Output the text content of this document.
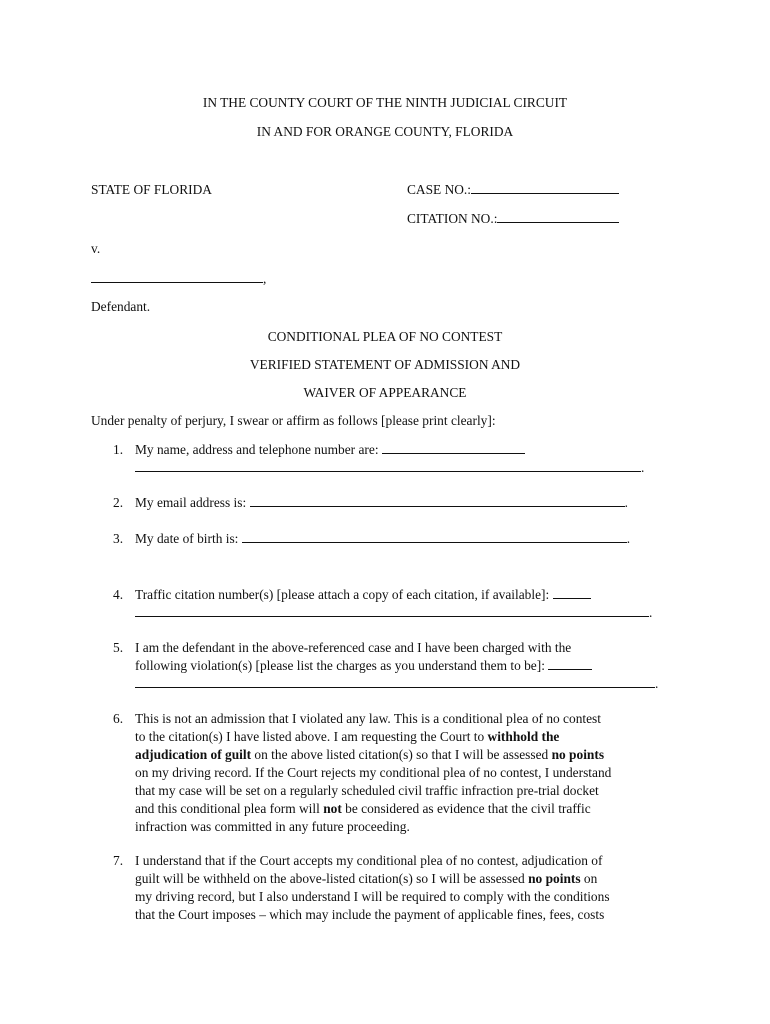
IN THE COUNTY COURT OF THE NINTH JUDICIAL CIRCUIT
IN AND FOR ORANGE COUNTY, FLORIDA
STATE OF FLORIDA	CASE NO.:
CITATION NO.:
v.
,
Defendant.
CONDITIONAL PLEA OF NO CONTEST
VERIFIED STATEMENT OF ADMISSION AND
WAIVER OF APPEARANCE
Under penalty of perjury, I swear or affirm as follows [please print clearly]:
1. My name, address and telephone number are:
.
2. My email address is:	.
3. My date of birth is:	.
4. Traffic citation number(s) [please attach a copy of each citation, if available]:
.
5. I am the defendant in the above-referenced case and I have been charged with the
following violation(s) [please list the charges as you understand them to be]:
.
6. This is not an admission that I violated any law. This is a conditional plea of no contest
to the citation(s) I have listed above. I am requesting the Court to withhold the
adjudication of guilt on the above listed citation(s) so that I will be assessed no points
on my driving record. If the Court rejects my conditional plea of no contest, I understand
that my case will be set on a regularly scheduled civil traffic infraction pre-trial docket
and this conditional plea form will not be considered as evidence that the civil traffic
infraction was committed in any future proceeding.
7. I understand that if the Court accepts my conditional plea of no contest, adjudication of
guilt will be withheld on the above-listed citation(s) so I will be assessed no points on
my driving record, but I also understand I will be required to comply with the conditions
that the Court imposes – which may include the payment of applicable fines, fees, costs
